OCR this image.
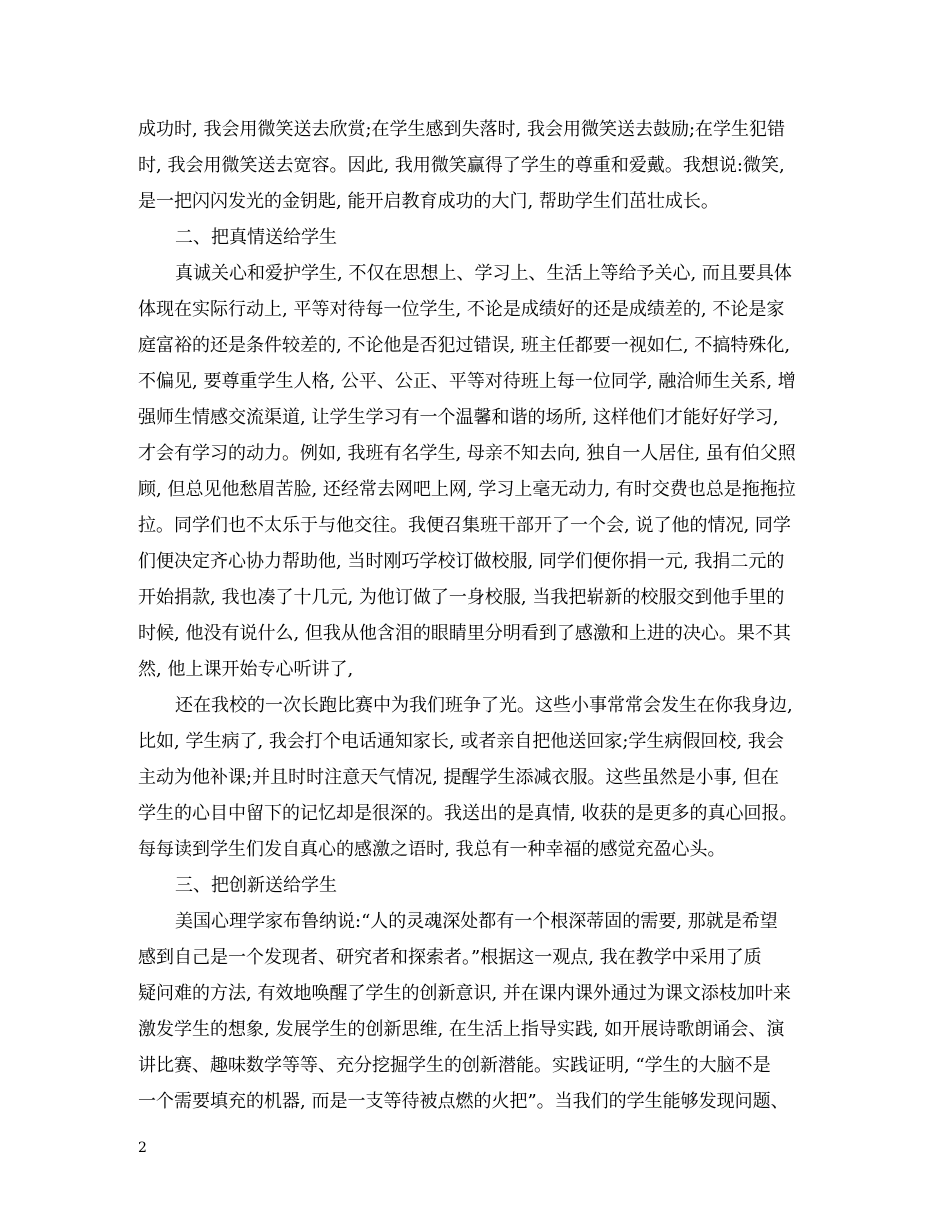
成功时, 我会用微笑送去欣赏;在学生感到失落时, 我会用微笑送去鼓励;在学生犯错
时, 我会用微笑送去宽容。因此, 我用微笑赢得了学生的尊重和爱戴。我想说:微笑,
是一把闪闪发光的金钥匙, 能开启教育成功的大门, 帮助学生们茁壮成长。
二、把真情送给学生
真诚关心和爱护学生, 不仅在思想上、学习上、生活上等给予关心, 而且要具体
体现在实际行动上, 平等对待每一位学生, 不论是成绩好的还是成绩差的, 不论是家
庭富裕的还是条件较差的, 不论他是否犯过错误, 班主任都要一视如仁, 不搞特殊化,
不偏见, 要尊重学生人格, 公平、公正、平等对待班上每一位同学, 融洽师生关系, 增
强师生情感交流渠道, 让学生学习有一个温馨和谐的场所, 这样他们才能好好学习,
才会有学习的动力。例如, 我班有名学生, 母亲不知去向, 独自一人居住, 虽有伯父照
顾, 但总见他愁眉苦脸, 还经常去网吧上网, 学习上毫无动力, 有时交费也总是拖拖拉
拉。同学们也不太乐于与他交往。我便召集班干部开了一个会, 说了他的情况, 同学
们便决定齐心协力帮助他, 当时刚巧学校订做校服, 同学们便你捐一元, 我捐二元的
开始捐款, 我也凑了十几元, 为他订做了一身校服, 当我把崭新的校服交到他手里的
时候, 他没有说什么, 但我从他含泪的眼睛里分明看到了感激和上进的决心。果不其
然, 他上课开始专心听讲了,
还在我校的一次长跑比赛中为我们班争了光。这些小事常常会发生在你我身边,
比如, 学生病了, 我会打个电话通知家长, 或者亲自把他送回家;学生病假回校, 我会
主动为他补课;并且时时注意天气情况, 提醒学生添减衣服。这些虽然是小事, 但在
学生的心目中留下的记忆却是很深的。我送出的是真情, 收获的是更多的真心回报。
每每读到学生们发自真心的感激之语时, 我总有一种幸福的感觉充盈心头。
三、把创新送给学生
美国心理学家布鲁纳说:“人的灵魂深处都有一个根深蒂固的需要, 那就是希望
感到自己是一个发现者、研究者和探索者。”根据这一观点, 我在教学中采用了质
疑问难的方法, 有效地唤醒了学生的创新意识, 并在课内课外通过为课文添枝加叶来
激发学生的想象, 发展学生的创新思维, 在生活上指导实践, 如开展诗歌朗诵会、演
讲比赛、趣味数学等等、充分挖掘学生的创新潜能。实践证明, “学生的大脑不是
一个需要填充的机器, 而是一支等待被点燃的火把”。当我们的学生能够发现问题、
2
